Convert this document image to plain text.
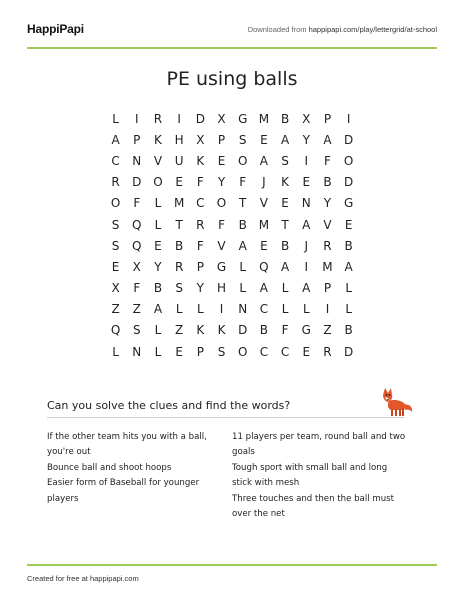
HappiPapi	Downloaded from happipapi.com/play/lettergrid/at-school
PE using balls
L	I	R	I	D	X	G M B	X	P	I
A	P	K	H	X	P	S	E	A	Y	A	D
C	N	V	U	K	E	O	A	S	I	F	O
R	D O	E	F	Y	F	J	K	E	B	D
O	F	L	M C	O	T	V	E	N	Y	G
S	Q	L	T	R	F	B M	T	A	V	E
S	Q	E	B	F	V	A	E	B	J	R	B
E	X	Y	R	P	G	L	Q	A	I	M A
X	F	B	S	Y	H	L	A	L	A	P	L
Z	Z	A	L	L	I	N	C	L	L	I	L
Q	S	L	Z	K	K	D	B	F	G	Z	B
L	N	L	E	P	S	O	C	C	E	R	D
Can you solve the clues and find the words?
If the other team hits you with a ball,
you're out
Bounce ball and shoot hoops
Easier form of Baseball for younger
players
11 players per team, round ball and two
goals
Tough sport with small ball and long
stick with mesh
Three touches and then the ball must
over the net
Created for free at happipapi.com
